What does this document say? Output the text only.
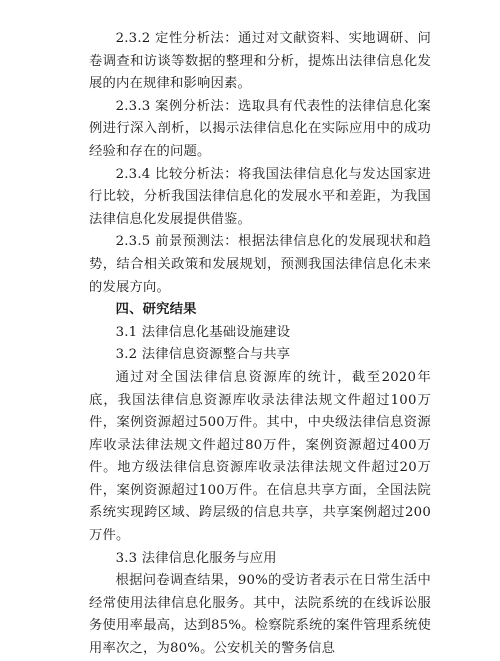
2.3.2 定性分析法：通过对文献资料、实地调研、问卷调查和访谈等数据的整理和分析，提炼出法律信息化发展的内在规律和影响因素。

2.3.3 案例分析法：选取具有代表性的法律信息化案例进行深入剖析，以揭示法律信息化在实际应用中的成功经验和存在的问题。

2.3.4 比较分析法：将我国法律信息化与发达国家进行比较，分析我国法律信息化的发展水平和差距，为我国法律信息化发展提供借鉴。

2.3.5 前景预测法：根据法律信息化的发展现状和趋势，结合相关政策和发展规划，预测我国法律信息化未来的发展方向。

四、研究结果

3.1 法律信息化基础设施建设

3.2 法律信息资源整合与共享

通过对全国法律信息资源库的统计，截至2020年底，我国法律信息资源库收录法律法规文件超过100万件，案例资源超过500万件。其中，中央级法律信息资源库收录法律法规文件超过80万件，案例资源超过400万件。地方级法律信息资源库收录法律法规文件超过20万件，案例资源超过100万件。在信息共享方面，全国法院系统实现跨区域、跨层级的信息共享，共享案例超过200万件。

3.3 法律信息化服务与应用

根据问卷调查结果，90%的受访者表示在日常生活中经常使用法律信息化服务。其中，法院系统的在线诉讼服务使用率最高，达到85%。检察院系统的案件管理系统使用率次之，为80%。公安机关的警务信息
